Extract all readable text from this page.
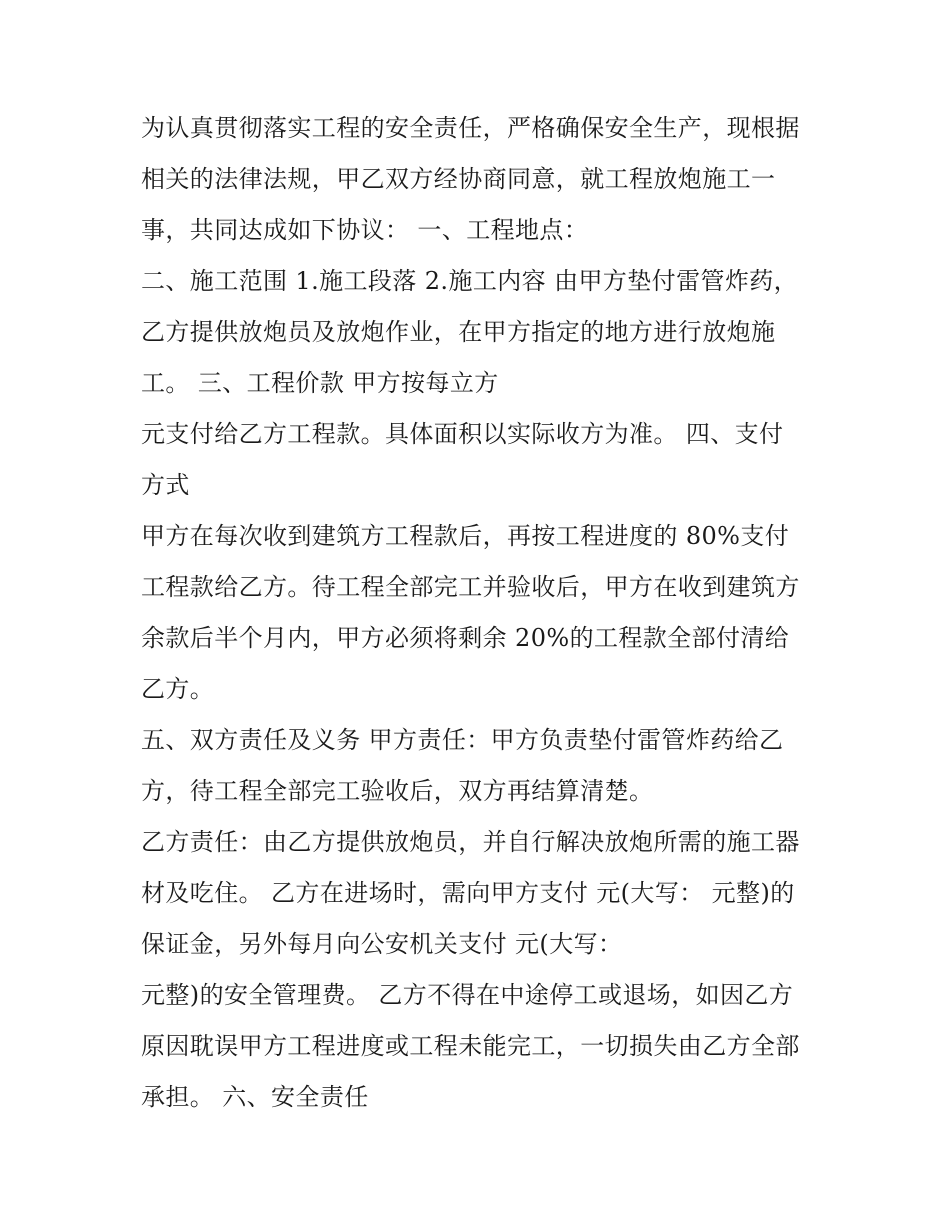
为认真贯彻落实工程的安全责任，严格确保安全生产，现根据
相关的法律法规，甲乙双方经协商同意，就工程放炮施工一
事，共同达成如下协议： 一、工程地点：
二、施工范围 1.施工段落 2.施工内容 由甲方垫付雷管炸药，
乙方提供放炮员及放炮作业，在甲方指定的地方进行放炮施
工。 三、工程价款 甲方按每立方
元支付给乙方工程款。具体面积以实际收方为准。 四、支付
方式
甲方在每次收到建筑方工程款后，再按工程进度的 80%支付
工程款给乙方。待工程全部完工并验收后，甲方在收到建筑方
余款后半个月内，甲方必须将剩余 20%的工程款全部付清给
乙方。
五、双方责任及义务 甲方责任：甲方负责垫付雷管炸药给乙
方，待工程全部完工验收后，双方再结算清楚。
乙方责任：由乙方提供放炮员，并自行解决放炮所需的施工器
材及吃住。 乙方在进场时，需向甲方支付 元(大写： 元整)的
保证金，另外每月向公安机关支付 元(大写：
元整)的安全管理费。 乙方不得在中途停工或退场，如因乙方
原因耽误甲方工程进度或工程未能完工，一切损失由乙方全部
承担。 六、安全责任
